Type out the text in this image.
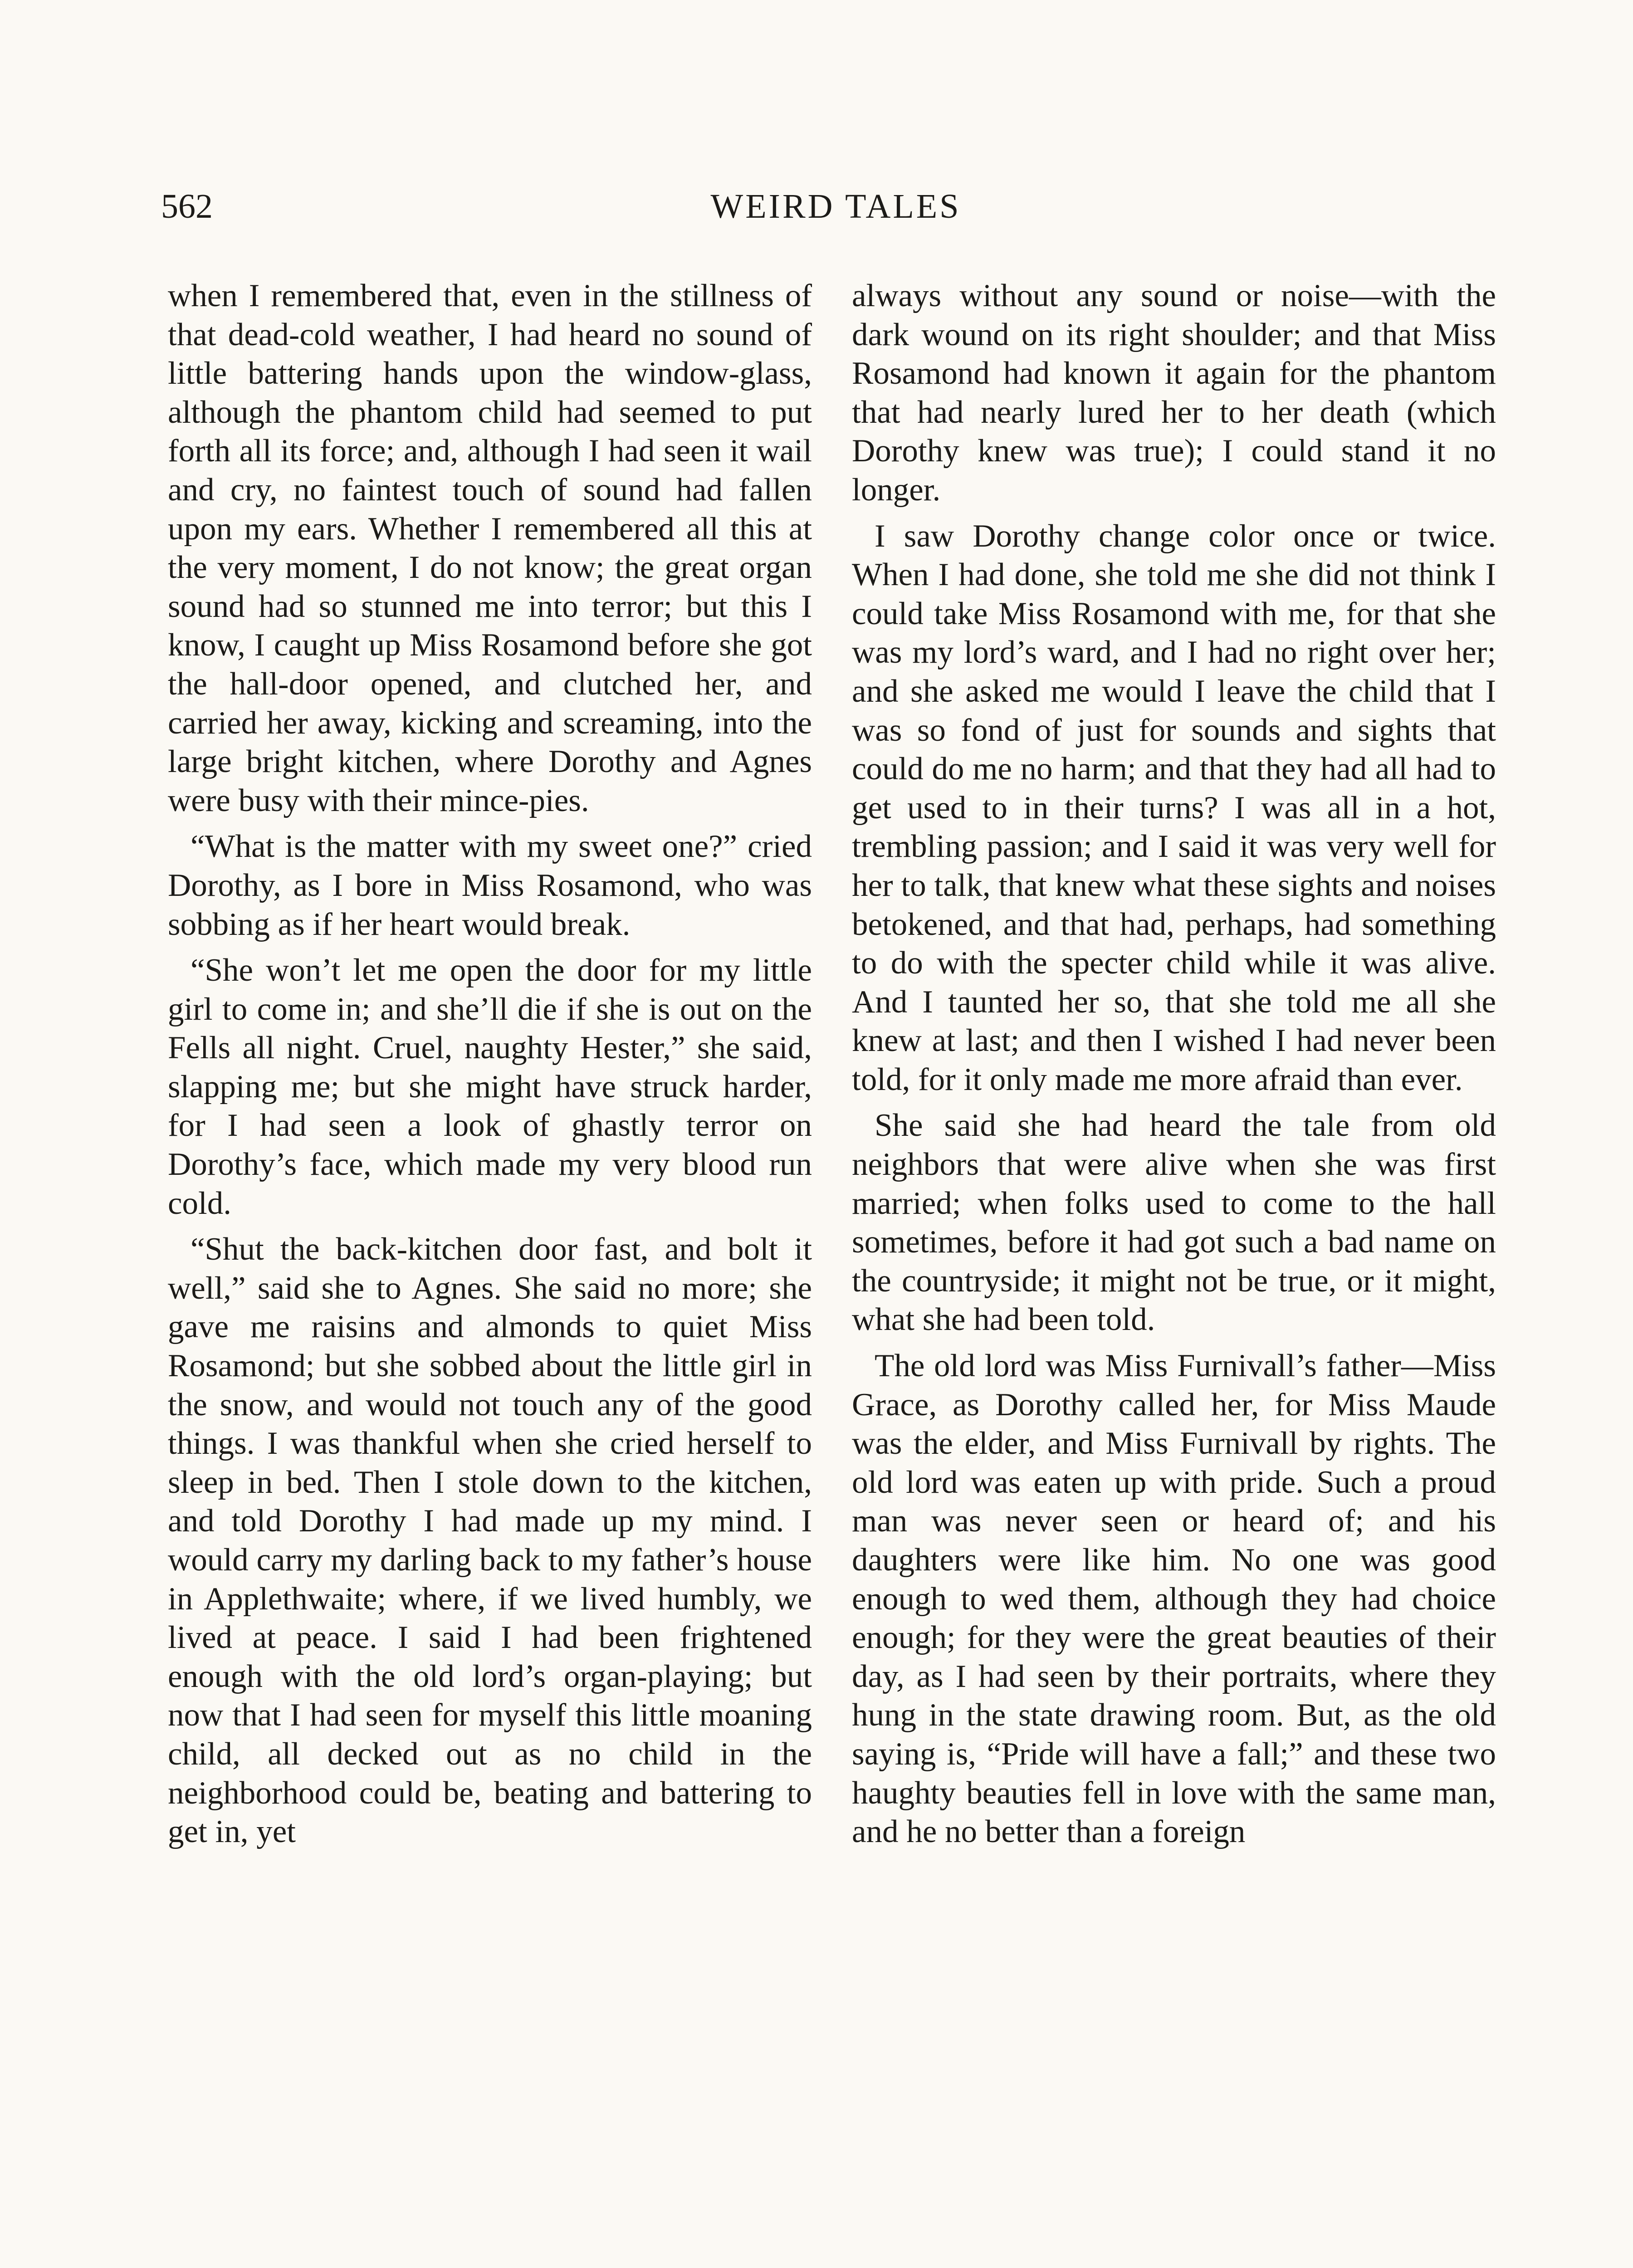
562	WEIRD TALES

when I remembered that, even in the stillness of that dead-cold weather, I had heard no sound of little battering hands upon the window-glass, although the phantom child had seemed to put forth all its force; and, although I had seen it wail and cry, no faintest touch of sound had fallen upon my ears. Whether I remembered all this at the very moment, I do not know; the great organ sound had so stunned me into terror; but this I know, I caught up Miss Rosamond before she got the hall-door opened, and clutched her, and carried her away, kicking and screaming, into the large bright kitchen, where Dorothy and Agnes were busy with their mince-pies.

“What is the matter with my sweet one?” cried Dorothy, as I bore in Miss Rosamond, who was sobbing as if her heart would break.

“She won’t let me open the door for my little girl to come in; and she’ll die if she is out on the Fells all night. Cruel, naughty Hester,” she said, slapping me; but she might have struck harder, for I had seen a look of ghastly terror on Dorothy’s face, which made my very blood run cold.

“Shut the back-kitchen door fast, and bolt it well,” said she to Agnes. She said no more; she gave me raisins and almonds to quiet Miss Rosamond; but she sobbed about the little girl in the snow, and would not touch any of the good things. I was thankful when she cried herself to sleep in bed. Then I stole down to the kitchen, and told Dorothy I had made up my mind. I would carry my darling back to my father’s house in Applethwaite; where, if we lived humbly, we lived at peace. I said I had been frightened enough with the old lord’s organ-playing; but now that I had seen for myself this little moaning child, all decked out as no child in the neighborhood could be, beating and battering to get in, yet

always without any sound or noise—with the dark wound on its right shoulder; and that Miss Rosamond had known it again for the phantom that had nearly lured her to her death (which Dorothy knew was true); I could stand it no longer.

I saw Dorothy change color once or twice. When I had done, she told me she did not think I could take Miss Rosamond with me, for that she was my lord’s ward, and I had no right over her; and she asked me would I leave the child that I was so fond of just for sounds and sights that could do me no harm; and that they had all had to get used to in their turns? I was all in a hot, trembling passion; and I said it was very well for her to talk, that knew what these sights and noises betokened, and that had, perhaps, had something to do with the specter child while it was alive. And I taunted her so, that she told me all she knew at last; and then I wished I had never been told, for it only made me more afraid than ever.

She said she had heard the tale from old neighbors that were alive when she was first married; when folks used to come to the hall sometimes, before it had got such a bad name on the countryside; it might not be true, or it might, what she had been told.

The old lord was Miss Furnivall’s father—Miss Grace, as Dorothy called her, for Miss Maude was the elder, and Miss Furnivall by rights. The old lord was eaten up with pride. Such a proud man was never seen or heard of; and his daughters were like him. No one was good enough to wed them, although they had choice enough; for they were the great beauties of their day, as I had seen by their portraits, where they hung in the state drawing room. But, as the old saying is, “Pride will have a fall;” and these two haughty beauties fell in love with the same man, and he no better than a foreign
